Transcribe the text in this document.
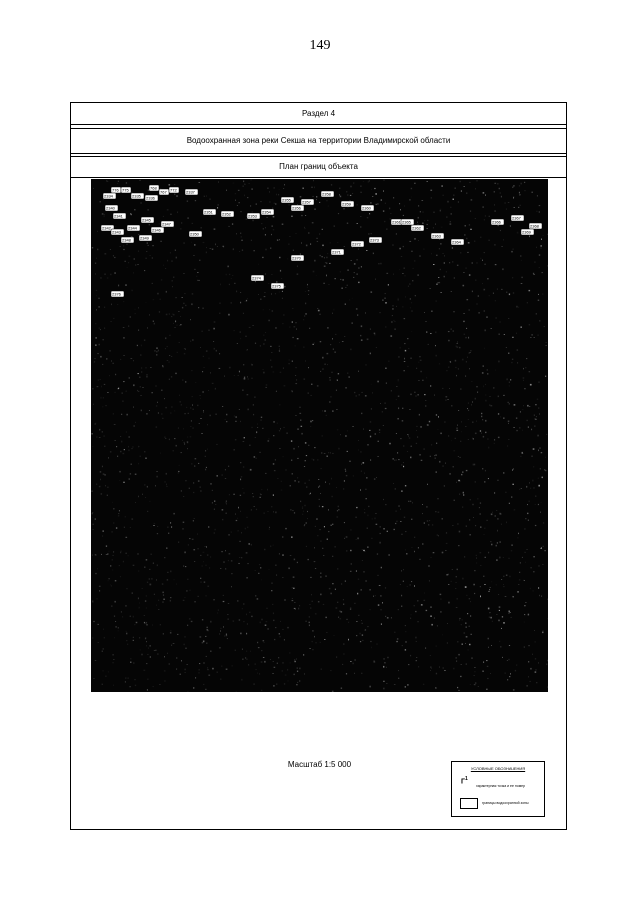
149
Раздел 4
Водоохранная зона реки Секша на территории Владимирской области
План границ объекта
776 775	768
767 772
2334	2335 2336
2337
2340
2341
2342
2343
2344
2345
2346
2347
2348 2349
2350
2351 2352	2353
2354
2355
2356
2357
2358
2359
2360
2361
2362
2363
2364
2365	2366
2367
2368
2369
2370
2371
2372
2373
2374
2375
2376
Масштаб 1:5 000	УСЛОВНЫЕ ОБОЗНАЧЕНИЯ
$Г^1$
характерная точка и ее номер
границы водоохранной зоны
